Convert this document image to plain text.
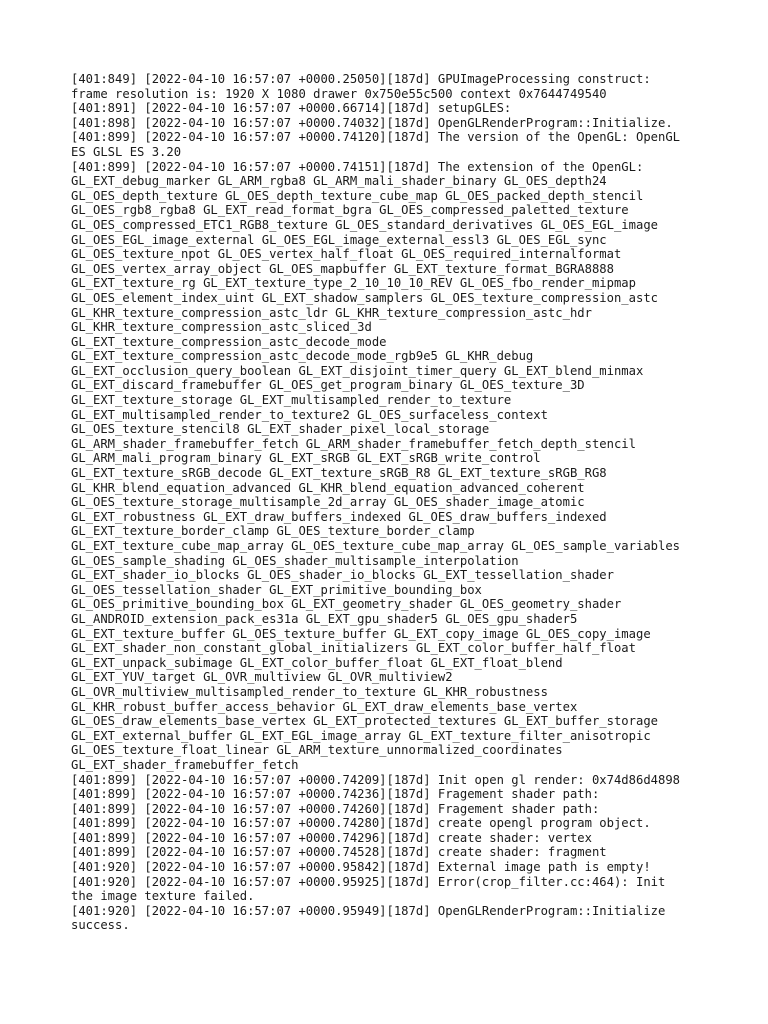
[401:849] [2022-04-10 16:57:07 +0000.25050][187d] GPUImageProcessing construct:
frame resolution is: 1920 X 1080 drawer 0x750e55c500 context 0x7644749540
[401:891] [2022-04-10 16:57:07 +0000.66714][187d] setupGLES:
[401:898] [2022-04-10 16:57:07 +0000.74032][187d] OpenGLRenderProgram::Initialize.
[401:899] [2022-04-10 16:57:07 +0000.74120][187d] The version of the OpenGL: OpenGL
ES GLSL ES 3.20
[401:899] [2022-04-10 16:57:07 +0000.74151][187d] The extension of the OpenGL:
GL_EXT_debug_marker GL_ARM_rgba8 GL_ARM_mali_shader_binary GL_OES_depth24
GL_OES_depth_texture GL_OES_depth_texture_cube_map GL_OES_packed_depth_stencil
GL_OES_rgb8_rgba8 GL_EXT_read_format_bgra GL_OES_compressed_paletted_texture
GL_OES_compressed_ETC1_RGB8_texture GL_OES_standard_derivatives GL_OES_EGL_image
GL_OES_EGL_image_external GL_OES_EGL_image_external_essl3 GL_OES_EGL_sync
GL_OES_texture_npot GL_OES_vertex_half_float GL_OES_required_internalformat
GL_OES_vertex_array_object GL_OES_mapbuffer GL_EXT_texture_format_BGRA8888
GL_EXT_texture_rg GL_EXT_texture_type_2_10_10_10_REV GL_OES_fbo_render_mipmap
GL_OES_element_index_uint GL_EXT_shadow_samplers GL_OES_texture_compression_astc
GL_KHR_texture_compression_astc_ldr GL_KHR_texture_compression_astc_hdr
GL_KHR_texture_compression_astc_sliced_3d
GL_EXT_texture_compression_astc_decode_mode
GL_EXT_texture_compression_astc_decode_mode_rgb9e5 GL_KHR_debug
GL_EXT_occlusion_query_boolean GL_EXT_disjoint_timer_query GL_EXT_blend_minmax
GL_EXT_discard_framebuffer GL_OES_get_program_binary GL_OES_texture_3D
GL_EXT_texture_storage GL_EXT_multisampled_render_to_texture
GL_EXT_multisampled_render_to_texture2 GL_OES_surfaceless_context
GL_OES_texture_stencil8 GL_EXT_shader_pixel_local_storage
GL_ARM_shader_framebuffer_fetch GL_ARM_shader_framebuffer_fetch_depth_stencil
GL_ARM_mali_program_binary GL_EXT_sRGB GL_EXT_sRGB_write_control
GL_EXT_texture_sRGB_decode GL_EXT_texture_sRGB_R8 GL_EXT_texture_sRGB_RG8
GL_KHR_blend_equation_advanced GL_KHR_blend_equation_advanced_coherent
GL_OES_texture_storage_multisample_2d_array GL_OES_shader_image_atomic
GL_EXT_robustness GL_EXT_draw_buffers_indexed GL_OES_draw_buffers_indexed
GL_EXT_texture_border_clamp GL_OES_texture_border_clamp
GL_EXT_texture_cube_map_array GL_OES_texture_cube_map_array GL_OES_sample_variables
GL_OES_sample_shading GL_OES_shader_multisample_interpolation
GL_EXT_shader_io_blocks GL_OES_shader_io_blocks GL_EXT_tessellation_shader
GL_OES_tessellation_shader GL_EXT_primitive_bounding_box
GL_OES_primitive_bounding_box GL_EXT_geometry_shader GL_OES_geometry_shader
GL_ANDROID_extension_pack_es31a GL_EXT_gpu_shader5 GL_OES_gpu_shader5
GL_EXT_texture_buffer GL_OES_texture_buffer GL_EXT_copy_image GL_OES_copy_image
GL_EXT_shader_non_constant_global_initializers GL_EXT_color_buffer_half_float
GL_EXT_unpack_subimage GL_EXT_color_buffer_float GL_EXT_float_blend
GL_EXT_YUV_target GL_OVR_multiview GL_OVR_multiview2
GL_OVR_multiview_multisampled_render_to_texture GL_KHR_robustness
GL_KHR_robust_buffer_access_behavior GL_EXT_draw_elements_base_vertex
GL_OES_draw_elements_base_vertex GL_EXT_protected_textures GL_EXT_buffer_storage
GL_EXT_external_buffer GL_EXT_EGL_image_array GL_EXT_texture_filter_anisotropic
GL_OES_texture_float_linear GL_ARM_texture_unnormalized_coordinates
GL_EXT_shader_framebuffer_fetch
[401:899] [2022-04-10 16:57:07 +0000.74209][187d] Init open gl render: 0x74d86d4898
[401:899] [2022-04-10 16:57:07 +0000.74236][187d] Fragement shader path:
[401:899] [2022-04-10 16:57:07 +0000.74260][187d] Fragement shader path:
[401:899] [2022-04-10 16:57:07 +0000.74280][187d] create opengl program object.
[401:899] [2022-04-10 16:57:07 +0000.74296][187d] create shader: vertex
[401:899] [2022-04-10 16:57:07 +0000.74528][187d] create shader: fragment
[401:920] [2022-04-10 16:57:07 +0000.95842][187d] External image path is empty!
[401:920] [2022-04-10 16:57:07 +0000.95925][187d] Error(crop_filter.cc:464): Init
the image texture failed.
[401:920] [2022-04-10 16:57:07 +0000.95949][187d] OpenGLRenderProgram::Initialize
success.
